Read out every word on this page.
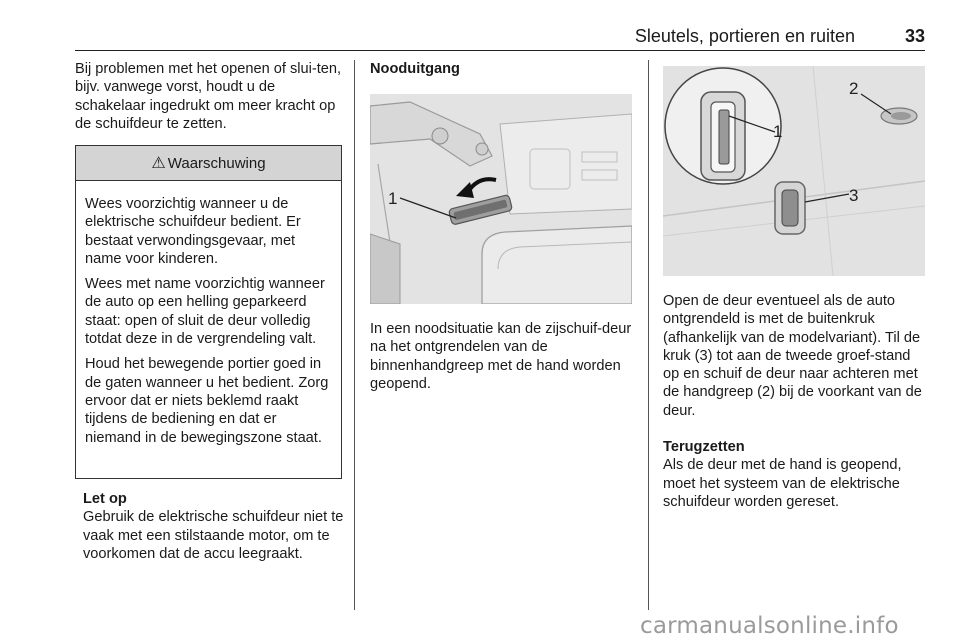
Sleutels, portieren en ruiten	33

Bij problemen met het openen of slui-ten, bijv. vanwege vorst, houdt u de schakelaar ingedrukt om meer kracht op de schuifdeur te zetten.

⚠ Waarschuwing

Wees voorzichtig wanneer u de elektrische schuifdeur bedient. Er bestaat verwondingsgevaar, met name voor kinderen.

Wees met name voorzichtig wanneer de auto op een helling geparkeerd staat: open of sluit de deur volledig totdat deze in de vergrendeling valt.

Houd het bewegende portier goed in de gaten wanneer u het bedient. Zorg ervoor dat er niets beklemd raakt tijdens de bediening en dat er niemand in de bewegingszone staat.

Let op

Gebruik de elektrische schuifdeur niet te vaak met een stilstaande motor, om te voorkomen dat de accu leegraakt.

Nooduitgang

1

In een noodsituatie kan de zijschuif-deur na het ontgrendelen van de binnenhandgreep met de hand worden geopend.

1
2
3

Open de deur eventueel als de auto ontgrendeld is met de buitenkruk (afhankelijk van de modelvariant). Til de kruk (3) tot aan de tweede groef-stand op en schuif de deur naar achteren met de handgreep (2) bij de voorkant van de deur.

Terugzetten

Als de deur met de hand is geopend, moet het systeem van de elektrische schuifdeur worden gereset.

carmanualsonline.info
